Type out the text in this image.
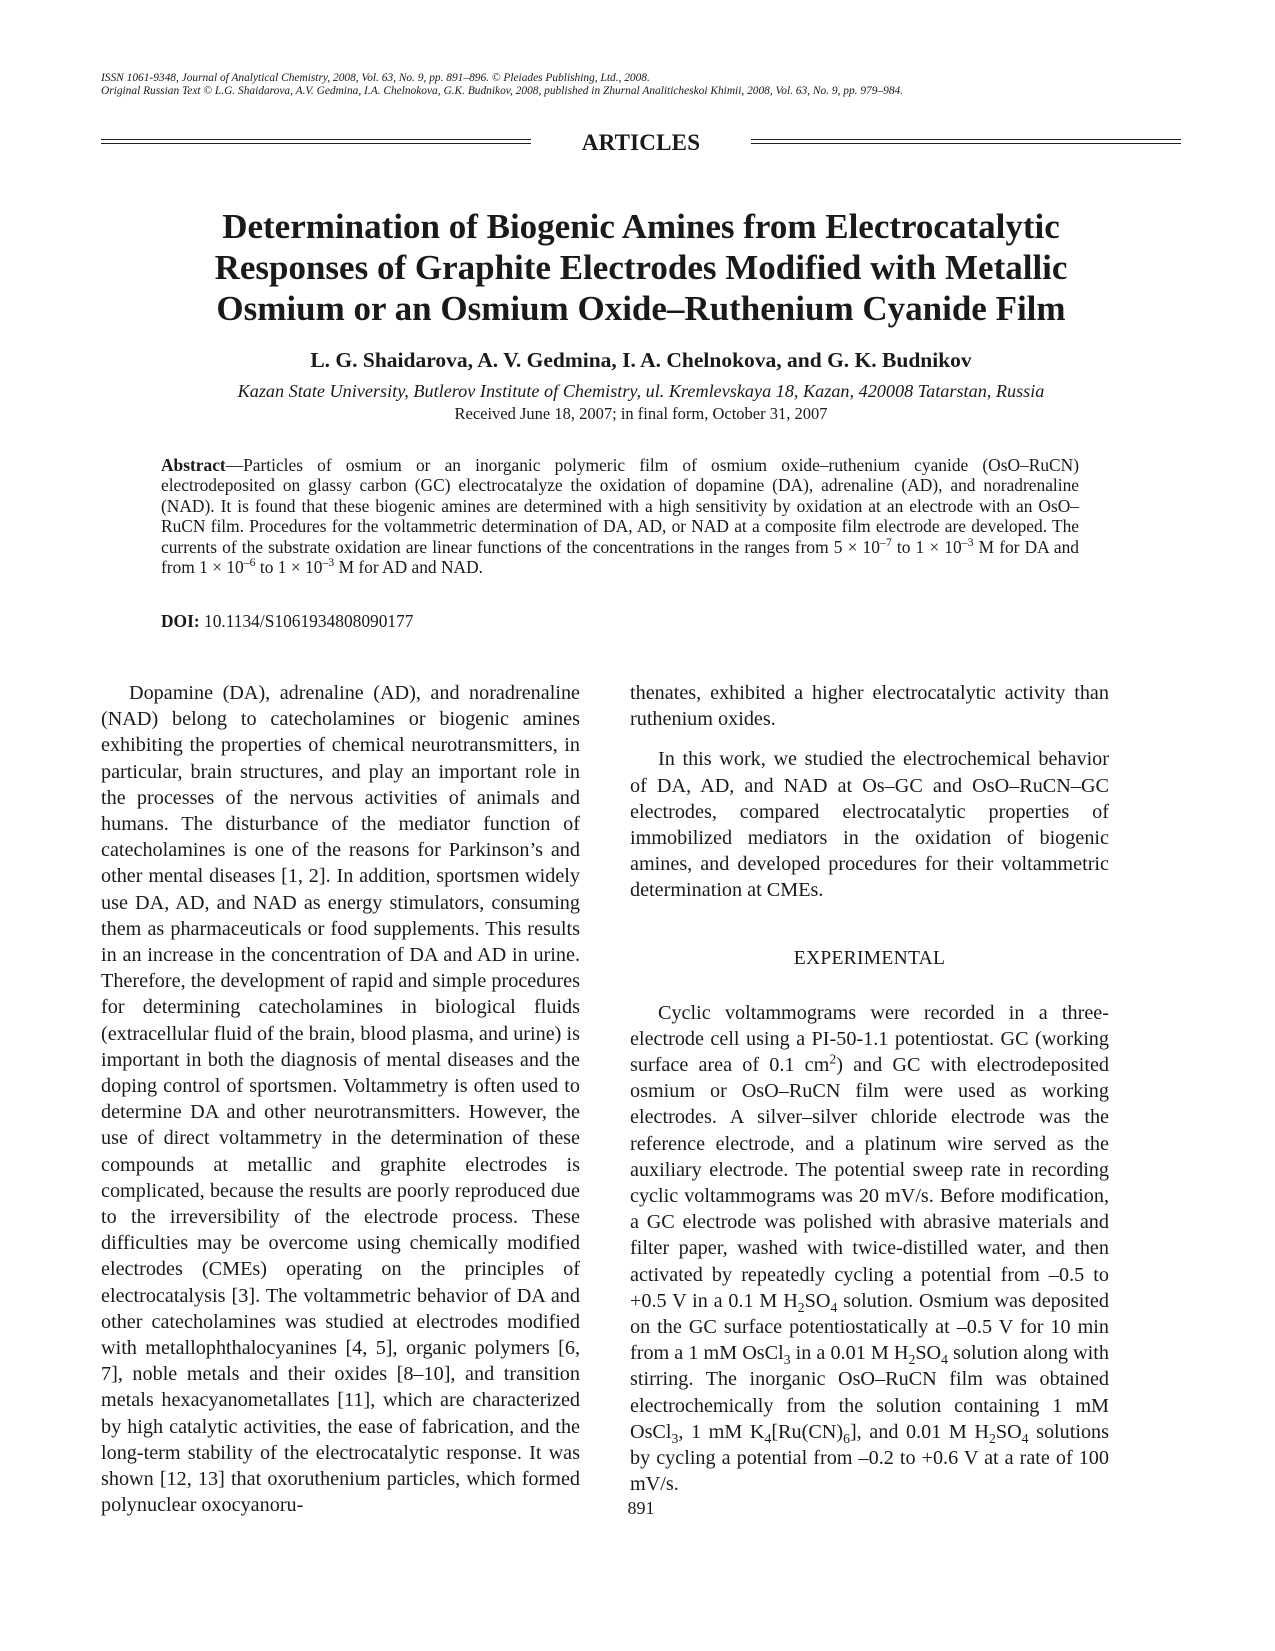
ISSN 1061-9348, Journal of Analytical Chemistry, 2008, Vol. 63, No. 9, pp. 891–896. © Pleiades Publishing, Ltd., 2008.
Original Russian Text © L.G. Shaidarova, A.V. Gedmina, I.A. Chelnokova, G.K. Budnikov, 2008, published in Zhurnal Analiticheskoi Khimii, 2008, Vol. 63, No. 9, pp. 979–984.
ARTICLES
Determination of Biogenic Amines from Electrocatalytic
Responses of Graphite Electrodes Modified with Metallic
Osmium or an Osmium Oxide–Ruthenium Cyanide Film
L. G. Shaidarova, A. V. Gedmina, I. A. Chelnokova, and G. K. Budnikov
Kazan State University, Butlerov Institute of Chemistry, ul. Kremlevskaya 18, Kazan, 420008 Tatarstan, Russia
Received June 18, 2007; in final form, October 31, 2007
Abstract—Particles of osmium or an inorganic polymeric film of osmium oxide–ruthenium cyanide (OsO–RuCN) electrodeposited on glassy carbon (GC) electrocatalyze the oxidation of dopamine (DA), adrenaline (AD), and noradrenaline (NAD). It is found that these biogenic amines are determined with a high sensitivity by oxidation at an electrode with an OsO–RuCN film. Procedures for the voltammetric determination of DA, AD, or NAD at a composite film electrode are developed. The currents of the substrate oxidation are linear functions of the concentrations in the ranges from $5 \times 10^{-7}$ to $1 \times 10^{-3}$ M for DA and from $1 \times 10^{-6}$ to $1 \times 10^{-3}$ M for AD and NAD.
DOI: 10.1134/S1061934808090177

Dopamine (DA), adrenaline (AD), and noradrenaline (NAD) belong to catecholamines or biogenic amines exhibiting the properties of chemical neurotransmitters, in particular, brain structures, and play an important role in the processes of the nervous activities of animals and humans. The disturbance of the mediator function of catecholamines is one of the reasons for Parkinson’s and other mental diseases [1, 2]. In addition, sportsmen widely use DA, AD, and NAD as energy stimulators, consuming them as pharmaceuticals or food supplements. This results in an increase in the concentration of DA and AD in urine. Therefore, the development of rapid and simple procedures for determining catecholamines in biological fluids (extracellular fluid of the brain, blood plasma, and urine) is important in both the diagnosis of mental diseases and the doping control of sportsmen. Voltammetry is often used to determine DA and other neurotransmitters. However, the use of direct voltammetry in the determination of these compounds at metallic and graphite electrodes is complicated, because the results are poorly reproduced due to the irreversibility of the electrode process. These difficulties may be overcome using chemically modified electrodes (CMEs) operating on the principles of electrocatalysis [3]. The voltammetric behavior of DA and other catecholamines was studied at electrodes modified with metallophthalocyanines [4, 5], organic polymers [6, 7], noble metals and their oxides [8–10], and transition metals hexacyanometallates [11], which are characterized by high catalytic activities, the ease of fabrication, and the long-term stability of the electrocatalytic response. It was shown [12, 13] that oxoruthenium particles, which formed polynuclear oxocyanoru-

thenates, exhibited a higher electrocatalytic activity than ruthenium oxides.

In this work, we studied the electrochemical behavior of DA, AD, and NAD at Os–GC and OsO–RuCN–GC electrodes, compared electrocatalytic properties of immobilized mediators in the oxidation of biogenic amines, and developed procedures for their voltammetric determination at CMEs.

EXPERIMENTAL

Cyclic voltammograms were recorded in a three-electrode cell using a PI-50-1.1 potentiostat. GC (working surface area of 0.1 $cm^2$) and GC with electrodeposited osmium or OsO–RuCN film were used as working electrodes. A silver–silver chloride electrode was the reference electrode, and a platinum wire served as the auxiliary electrode. The potential sweep rate in recording cyclic voltammograms was 20 mV/s. Before modification, a GC electrode was polished with abrasive materials and filter paper, washed with twice-distilled water, and then activated by repeatedly cycling a potential from –0.5 to +0.5 V in a 0.1 M $H_2SO_4$ solution. Osmium was deposited on the GC surface potentiostatically at –0.5 V for 10 min from a 1 mM OsCl$_3$ in a 0.01 M $H_2SO_4$ solution along with stirring. The inorganic OsO–RuCN film was obtained electrochemically from the solution containing 1 mM OsCl$_3$, 1 mM $K_4[Ru(CN)_6]$, and 0.01 M $H_2SO_4$ solutions by cycling a potential from –0.2 to +0.6 V at a rate of 100 mV/s.

891
